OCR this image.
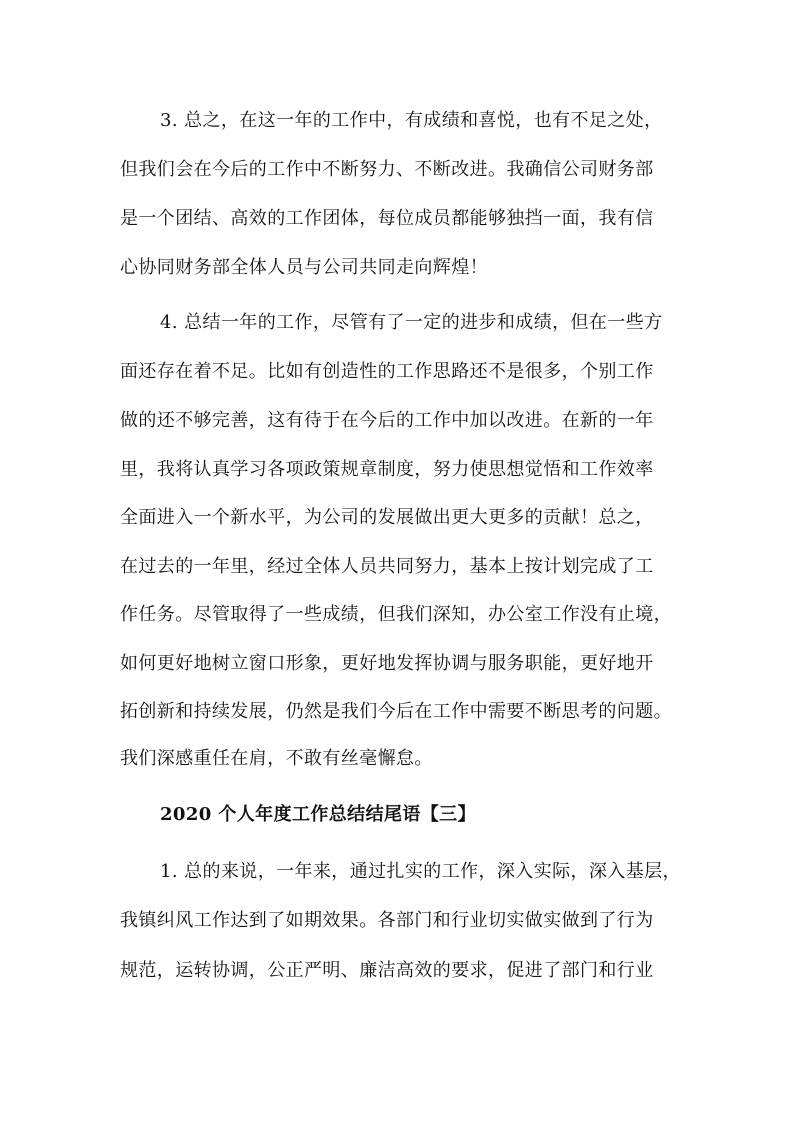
3. 总之，在这一年的工作中，有成绩和喜悦，也有不足之处，
但我们会在今后的工作中不断努力、不断改进。我确信公司财务部
是一个团结、高效的工作团体，每位成员都能够独挡一面，我有信
心协同财务部全体人员与公司共同走向辉煌！
4. 总结一年的工作，尽管有了一定的进步和成绩，但在一些方
面还存在着不足。比如有创造性的工作思路还不是很多，个别工作
做的还不够完善，这有待于在今后的工作中加以改进。在新的一年
里，我将认真学习各项政策规章制度，努力使思想觉悟和工作效率
全面进入一个新水平，为公司的发展做出更大更多的贡献！总之，
在过去的一年里，经过全体人员共同努力，基本上按计划完成了工
作任务。尽管取得了一些成绩，但我们深知，办公室工作没有止境，
如何更好地树立窗口形象，更好地发挥协调与服务职能，更好地开
拓创新和持续发展，仍然是我们今后在工作中需要不断思考的问题。
我们深感重任在肩，不敢有丝毫懈怠。
2020 个人年度工作总结结尾语【三】
1. 总的来说，一年来，通过扎实的工作，深入实际，深入基层，
我镇纠风工作达到了如期效果。各部门和行业切实做实做到了行为
规范，运转协调，公正严明、廉洁高效的要求，促进了部门和行业
